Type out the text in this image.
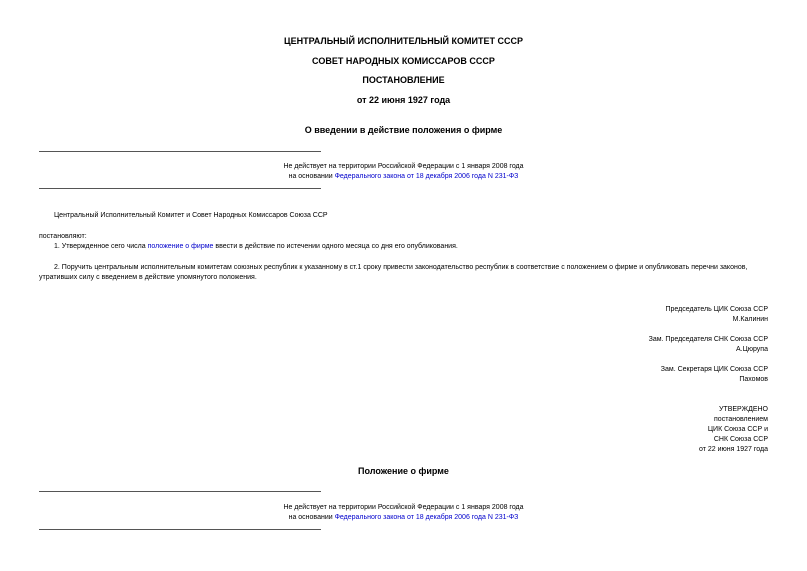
ЦЕНТРАЛЬНЫЙ ИСПОЛНИТЕЛЬНЫЙ КОМИТЕТ СССР
СОВЕТ НАРОДНЫХ КОМИССАРОВ СССР
ПОСТАНОВЛЕНИЕ
от 22 июня 1927 года
О введении в действие положения о фирме
Не действует на территории Российской Федерации с 1 января 2008 года
на основании Федерального закона от 18 декабря 2006 года N 231-ФЗ
Центральный Исполнительный Комитет и Совет Народных Комиссаров Союза ССР
постановляют:
1. Утвержденное сего числа положение о фирме ввести в действие по истечении одного месяца со дня его опубликования.
2. Поручить центральным исполнительным комитетам союзных республик к указанному в ст.1 сроку привести законодательство республик в соответствие с положением о фирме и опубликовать перечни законов,
утративших силу с введением в действие упомянутого положения.
Председатель ЦИК Союза ССР
М.Калинин
Зам. Председателя СНК Союза ССР
А.Цюрупа
Зам. Секретаря ЦИК Союза ССР
Пахомов
УТВЕРЖДЕНО
постановлением
ЦИК Союза ССР и
СНК Союза ССР
от 22 июня 1927 года
Положение о фирме
Не действует на территории Российской Федерации с 1 января 2008 года
на основании Федерального закона от 18 декабря 2006 года N 231-ФЗ
